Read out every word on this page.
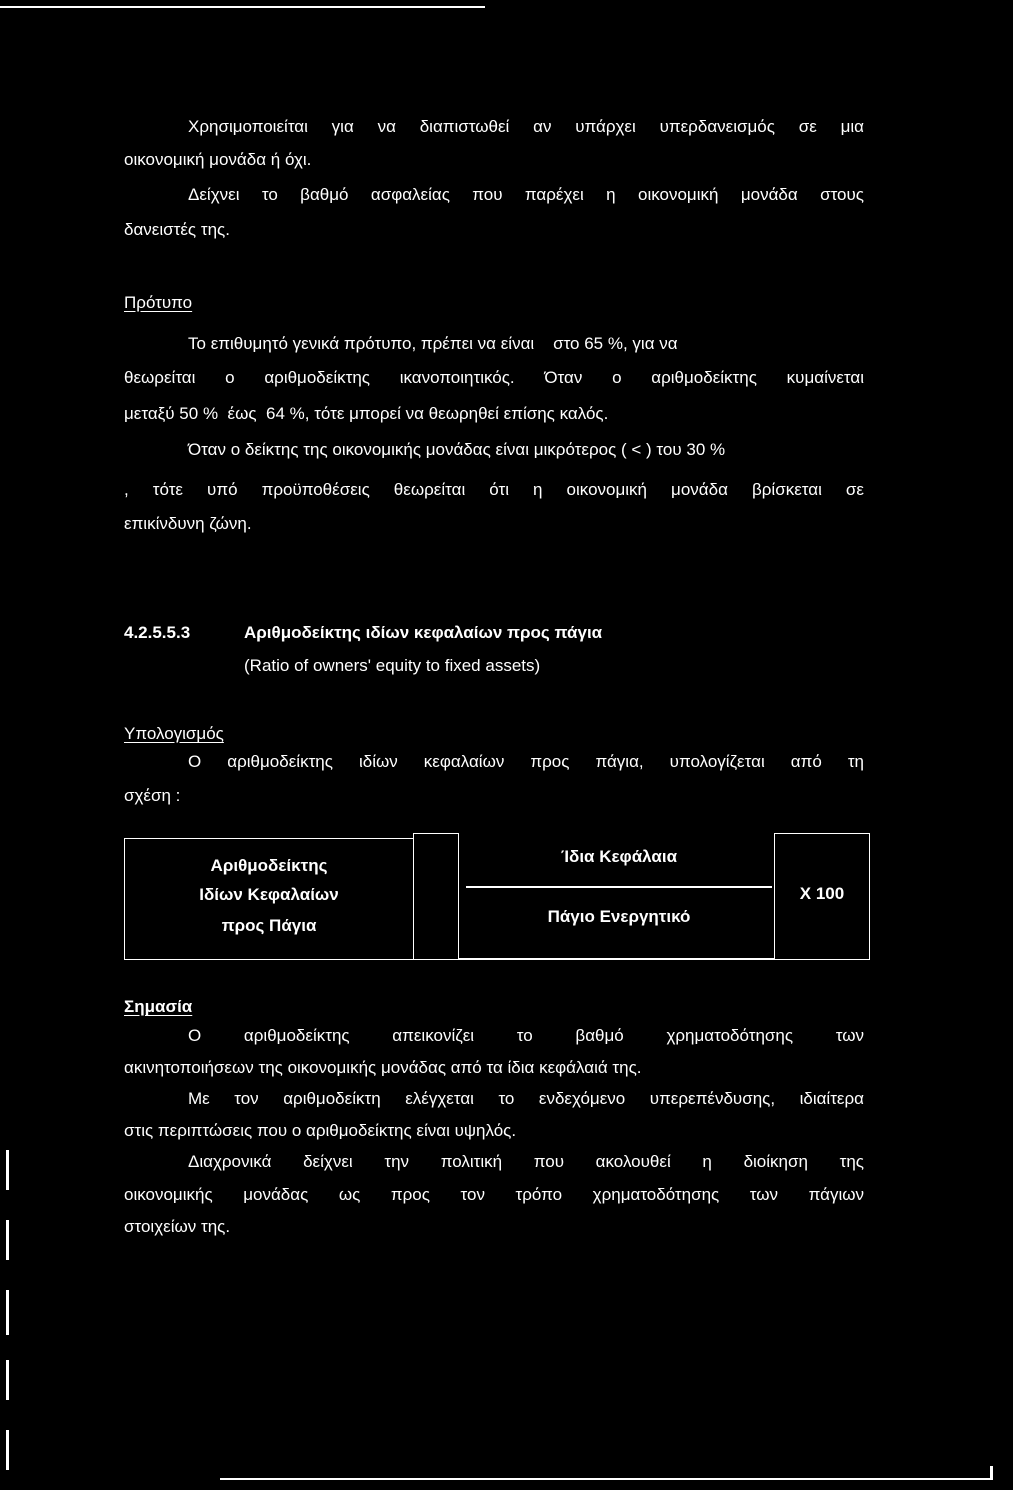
Χρησιμοποιείται για να διαπιστωθεί αν υπάρχει υπερδανεισμός σε μια
οικονομική μονάδα ή όχι.
Δείχνει το βαθμό ασφαλείας που παρέχει η οικονομική μονάδα στους
δανειστές της.
Πρότυπο
Το επιθυμητό γενικά πρότυπο, πρέπει να είναι    στο 65 %, για να
θεωρείται ο αριθμοδείκτης ικανοποιητικός. Όταν ο αριθμοδείκτης κυμαίνεται
μεταξύ 50 %  έως  64 %, τότε μπορεί να θεωρηθεί επίσης καλός.
Όταν ο δείκτης της οικονομικής μονάδας είναι μικρότερος ( < ) του 30 %
, τότε υπό προϋποθέσεις θεωρείται ότι η οικονομική μονάδα βρίσκεται σε
επικίνδυνη ζώνη.
4.2.5.5.3	Αριθμοδείκτης ιδίων κεφαλαίων προς πάγια
(Ratio of owners' equity to fixed assets)
Υπολογισμός
Ο αριθμοδείκτης ιδίων κεφαλαίων προς πάγια, υπολογίζεται από τη
σχέση :
Αριθμοδείκτης
Ιδίων Κεφαλαίων
προς Πάγια
Ίδια Κεφάλαια
Πάγιο Ενεργητικό
Χ 100
Σημασία
Ο αριθμοδείκτης απεικονίζει το βαθμό χρηματοδότησης των
ακινητοποιήσεων της οικονομικής μονάδας από τα ίδια κεφάλαιά της.
Με τον αριθμοδείκτη ελέγχεται το ενδεχόμενο υπερεπένδυσης, ιδιαίτερα
στις περιπτώσεις που ο αριθμοδείκτης είναι υψηλός.
Διαχρονικά δείχνει την πολιτική που ακολουθεί η διοίκηση της
οικονομικής μονάδας ως προς τον τρόπο χρηματοδότησης των πάγιων
στοιχείων της.
